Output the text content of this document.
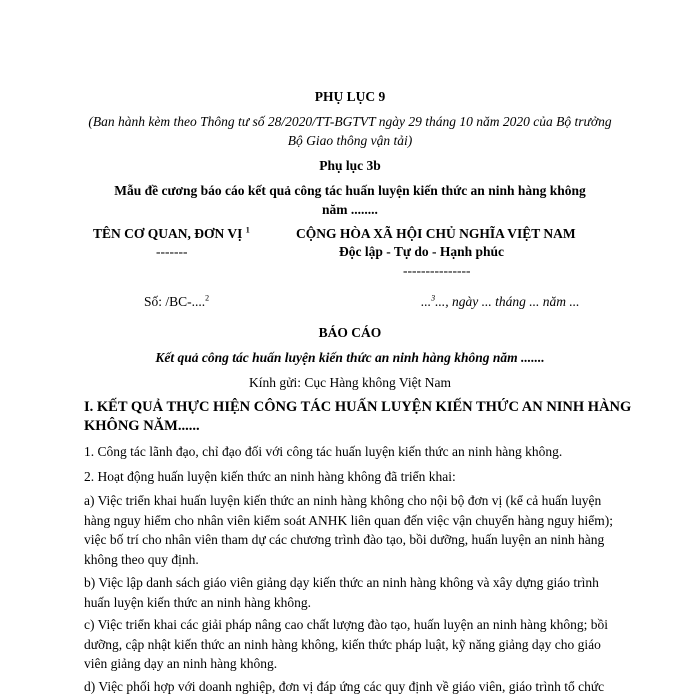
PHỤ LỤC 9
(Ban hành kèm theo Thông tư số 28/2020/TT-BGTVT ngày 29 tháng 10 năm 2020 của Bộ trưởng
Bộ Giao thông vận tải)
Phụ lục 3b
Mẫu đề cương báo cáo kết quả công tác huấn luyện kiến thức an ninh hàng không
năm ........
TÊN CƠ QUAN, ĐƠN VỊ $^1$
-------
CỘNG HÒA XÃ HỘI CHỦ NGHĨA VIỆT NAM
Độc lập - Tự do - Hạnh phúc
---------------
Số: /BC-....$^2$	...$^3$..., ngày ... tháng ... năm ...
BÁO CÁO
Kết quả công tác huấn luyện kiến thức an ninh hàng không năm .......
Kính gửi: Cục Hàng không Việt Nam
I. KẾT QUẢ THỰC HIỆN CÔNG TÁC HUẤN LUYỆN KIẾN THỨC AN NINH HÀNG
KHÔNG NĂM......
1. Công tác lãnh đạo, chỉ đạo đối với công tác huấn luyện kiến thức an ninh hàng không.
2. Hoạt động huấn luyện kiến thức an ninh hàng không đã triển khai:
a) Việc triển khai huấn luyện kiến thức an ninh hàng không cho nội bộ đơn vị (kể cả huấn luyện hàng nguy hiểm cho nhân viên kiểm soát ANHK liên quan đến việc vận chuyển hàng nguy hiểm); việc bố trí cho nhân viên tham dự các chương trình đào tạo, bồi dưỡng, huấn luyện an ninh hàng không theo quy định.
b) Việc lập danh sách giáo viên giảng dạy kiến thức an ninh hàng không và xây dựng giáo trình huấn luyện kiến thức an ninh hàng không.
c) Việc triển khai các giải pháp nâng cao chất lượng đào tạo, huấn luyện an ninh hàng không; bồi dưỡng, cập nhật kiến thức an ninh hàng không, kiến thức pháp luật, kỹ năng giảng dạy cho giáo viên giảng dạy an ninh hàng không.
d) Việc phối hợp với doanh nghiệp, đơn vị đáp ứng các quy định về giáo viên, giáo trình tổ chức
